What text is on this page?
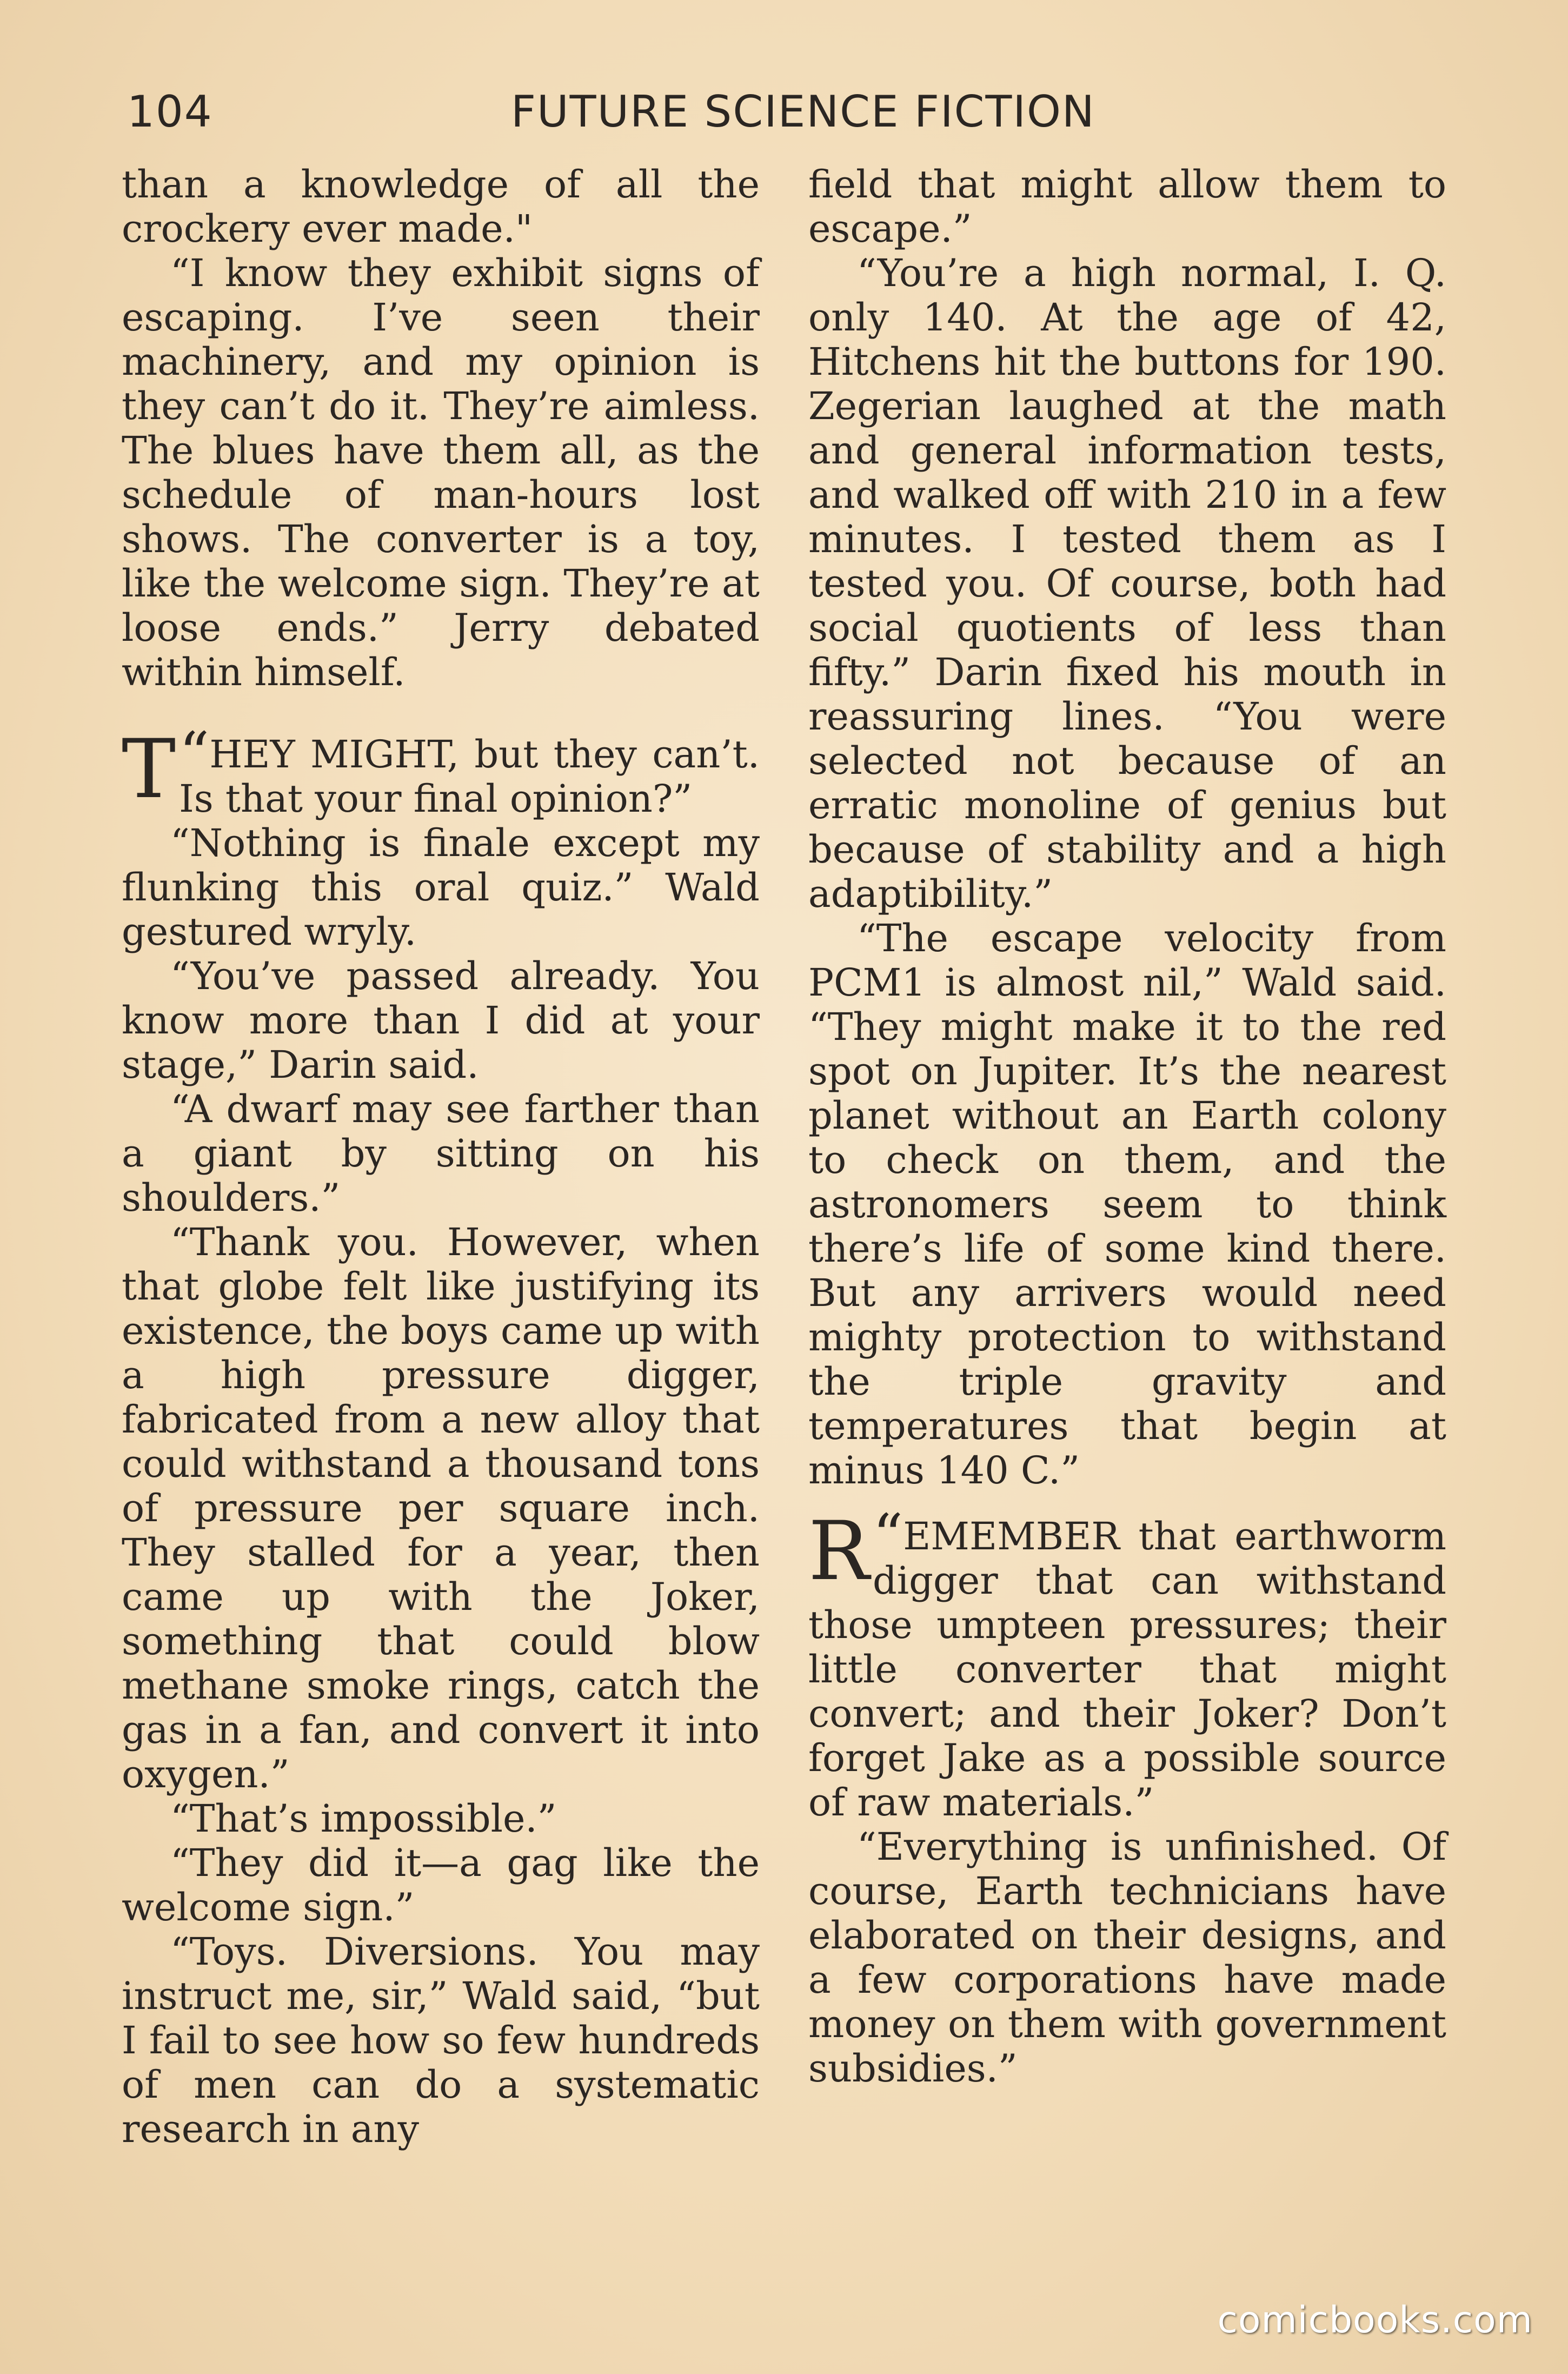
104	FUTURE SCIENCE FICTION

than a knowledge of all the crockery ever made."

“I know they exhibit signs of escaping. I’ve seen their machinery, and my opinion is they can’t do it. They’re aimless. The blues have them all, as the schedule of man-hours lost shows. The converter is a toy, like the welcome sign. They’re at loose ends.” Jerry debated within himself.

“
T HEY MIGHT, but they can’t. Is that your final opinion?”

“Nothing is finale except my flunking this oral quiz.” Wald gestured wryly.

“You’ve passed already. You know more than I did at your stage,” Darin said.

“A dwarf may see farther than a giant by sitting on his shoulders.”

“Thank you. However, when that globe felt like justifying its existence, the boys came up with a high pressure digger, fabricated from a new alloy that could withstand a thousand tons of pressure per square inch. They stalled for a year, then came up with the Joker, something that could blow methane smoke rings, catch the gas in a fan, and convert it into oxygen.”

“That’s impossible.”

“They did it—a gag like the welcome sign.”

“Toys. Diversions. You may instruct me, sir,” Wald said, “but I fail to see how so few hundreds of men can do a systematic research in any

field that might allow them to escape.”

“You’re a high normal, I. Q. only 140. At the age of 42, Hitchens hit the buttons for 190. Zegerian laughed at the math and general information tests, and walked off with 210 in a few minutes. I tested them as I tested you. Of course, both had social quotients of less than fifty.” Darin fixed his mouth in reassuring lines. “You were selected not because of an erratic monoline of genius but because of stability and a high adaptibility.”

“The escape velocity from PCM1 is almost nil,” Wald said. “They might make it to the red spot on Jupiter. It’s the nearest planet without an Earth colony to check on them, and the astronomers seem to think there’s life of some kind there. But any arrivers would need mighty protection to withstand the triple gravity and temperatures that begin at minus 140 C.”

“
R EMEMBER that earthworm digger that can withstand those umpteen pressures; their little converter that might convert; and their Joker? Don’t forget Jake as a possible source of raw materials.”

“Everything is unfinished. Of course, Earth technicians have elaborated on their designs, and a few corporations have made money on them with government subsidies.”

comicbooks.com
